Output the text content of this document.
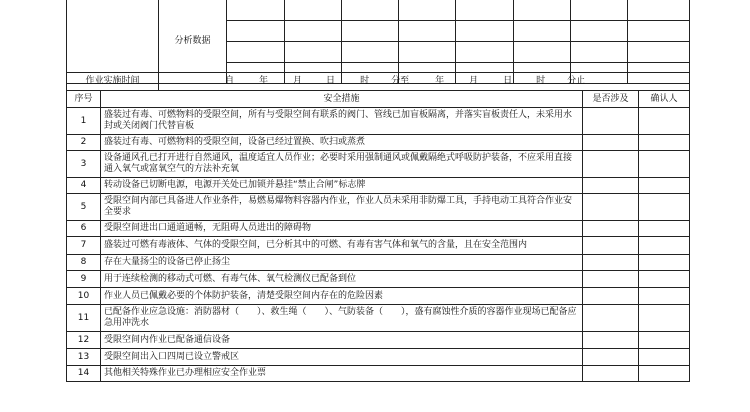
	分析数据								

作业实施时间	自	年	月	日	时 分至	年	月	日	时 分止
序号	安全措施	是否涉及	确认人
1	盛装过有毒、可燃物料的受限空间，所有与受限空间有联系的阀门、管线已加盲板隔离，并落实盲板责任人，未采用水封或关闭阀门代替盲板		
2	盛装过有毒、可燃物料的受限空间，设备已经过置换、吹扫或蒸煮		
3	设备通风孔已打开进行自然通风，温度适宜人员作业；必要时采用强制通风或佩戴隔绝式呼吸防护装备，不应采用直接通入氧气或富氧空气的方法补充氧		
4	转动设备已切断电源，电源开关处已加锁并悬挂“禁止合闸”标志牌		
5	受限空间内部已具备进人作业条件，易燃易爆物料容器内作业，作业人员未采用非防爆工具，手持电动工具符合作业安全要求		
6	受限空间进出口通道通畅，无阻碍人员进出的障碍物		
7	盛装过可燃有毒液体、气体的受限空间，已分析其中的可燃、有毒有害气体和氧气的含量，且在安全范围内		
8	存在大量扬尘的设备已停止扬尘		
9	用于连续检测的移动式可燃、有毒气体、氧气检测仪已配备到位		
10	作业人员已佩戴必要的个体防护装备，清楚受限空间内存在的危险因素		
11	已配备作业应急设施：消防器材（　　）、救生绳（　　）、气防装备（　　），盛有腐蚀性介质的容器作业现场已配备应急用冲洗水		
12	受限空间内作业已配备通信设备		
13	受限空间出入口四周已设立警戒区		
14	其他相关特殊作业已办理相应安全作业票		
